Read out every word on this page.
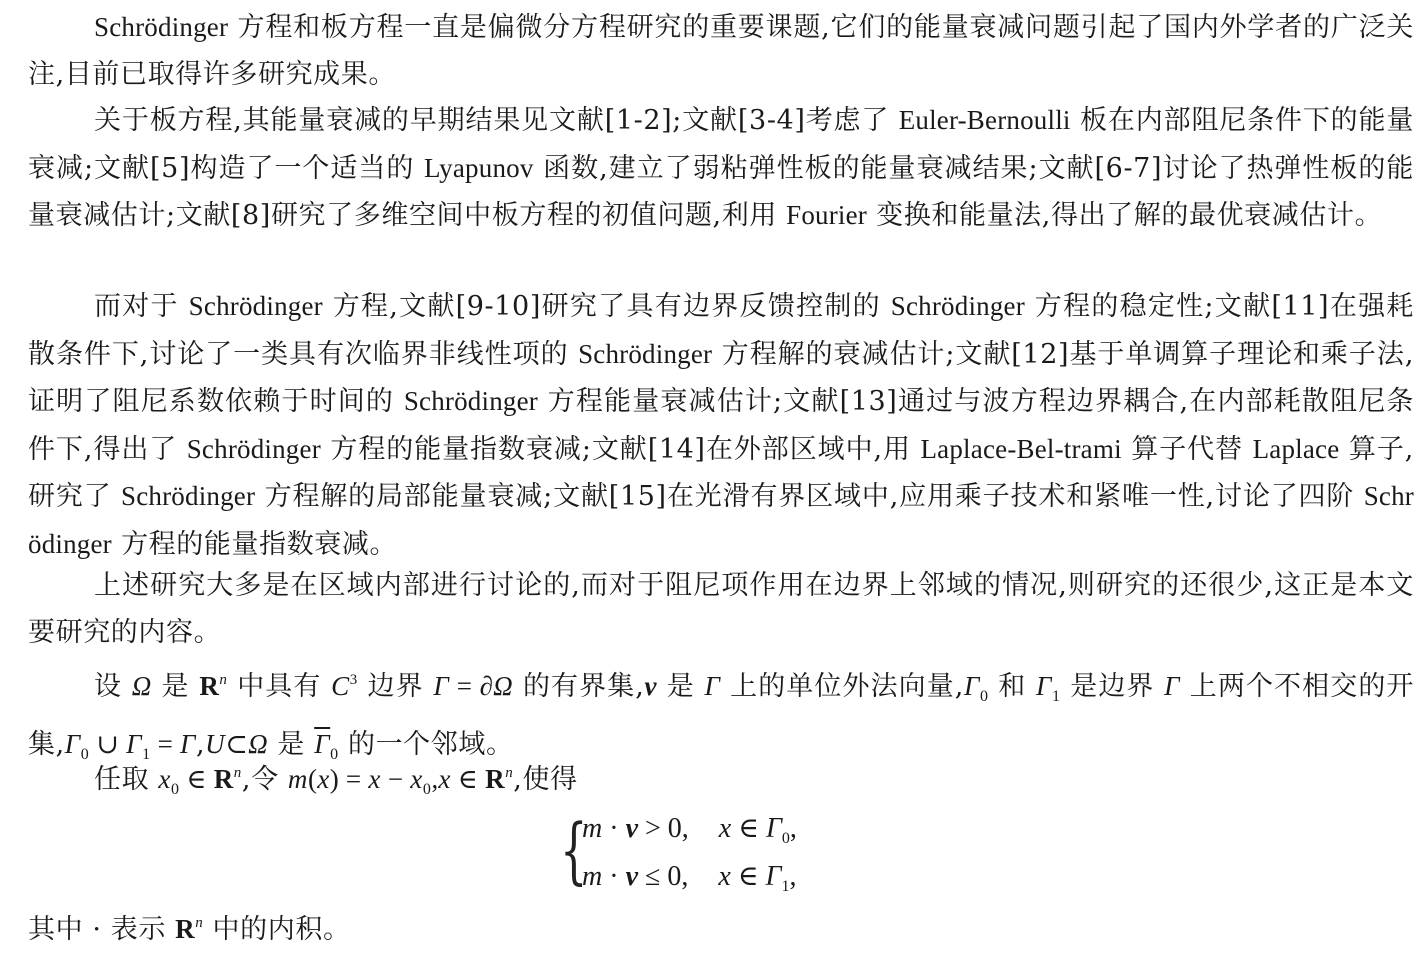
Schrödinger 方程和板方程一直是偏微分方程研究的重要课题,它们的能量衰减问题引起了国内外学者的广泛关注,目前已取得许多研究成果。

关于板方程,其能量衰减的早期结果见文献[1-2];文献[3-4]考虑了 Euler-Bernoulli 板在内部阻尼条件下的能量衰减;文献[5]构造了一个适当的 Lyapunov 函数,建立了弱粘弹性板的能量衰减结果;文献[6-7]讨论了热弹性板的能量衰减估计;文献[8]研究了多维空间中板方程的初值问题,利用 Fourier 变换和能量法,得出了解的最优衰减估计。

而对于 Schrödinger 方程,文献[9-10]研究了具有边界反馈控制的 Schrödinger 方程的稳定性;文献[11]在强耗散条件下,讨论了一类具有次临界非线性项的 Schrödinger 方程解的衰减估计;文献[12]基于单调算子理论和乘子法,证明了阻尼系数依赖于时间的 Schrödinger 方程能量衰减估计;文献[13]通过与波方程边界耦合,在内部耗散阻尼条件下,得出了 Schrödinger 方程的能量指数衰减;文献[14]在外部区域中,用 Laplace-Bel-trami 算子代替 Laplace 算子,研究了 Schrödinger 方程解的局部能量衰减;文献[15]在光滑有界区域中,应用乘子技术和紧唯一性,讨论了四阶 Schrödinger 方程的能量指数衰减。

上述研究大多是在区域内部进行讨论的,而对于阻尼项作用在边界上邻域的情况,则研究的还很少,这正是本文要研究的内容。

设 Ω 是 $R^n$ 中具有 $C^3$ 边界 Γ = ∂Ω 的有界集,ν 是 Γ 上的单位外法向量$,\Gamma_0$ 和 $\Gamma_1$ 是边界 Γ 上两个不相交的开集$,\Gamma_0$ ∪ $\Gamma_1$ = Γ,U⊂Ω 是 $\overline{\Gamma}_0$ 的一个邻域。

任取 $x_0$ ∈ $R^n$,令 $m(x) = x - x_0,x$ ∈ $R^n$,使得

{
m · ν > 0, x ∈ $\Gamma_0$,
m · ν ≤ 0, x ∈ $\Gamma_1$,

其中 · 表示 $R^n$ 中的内积。
